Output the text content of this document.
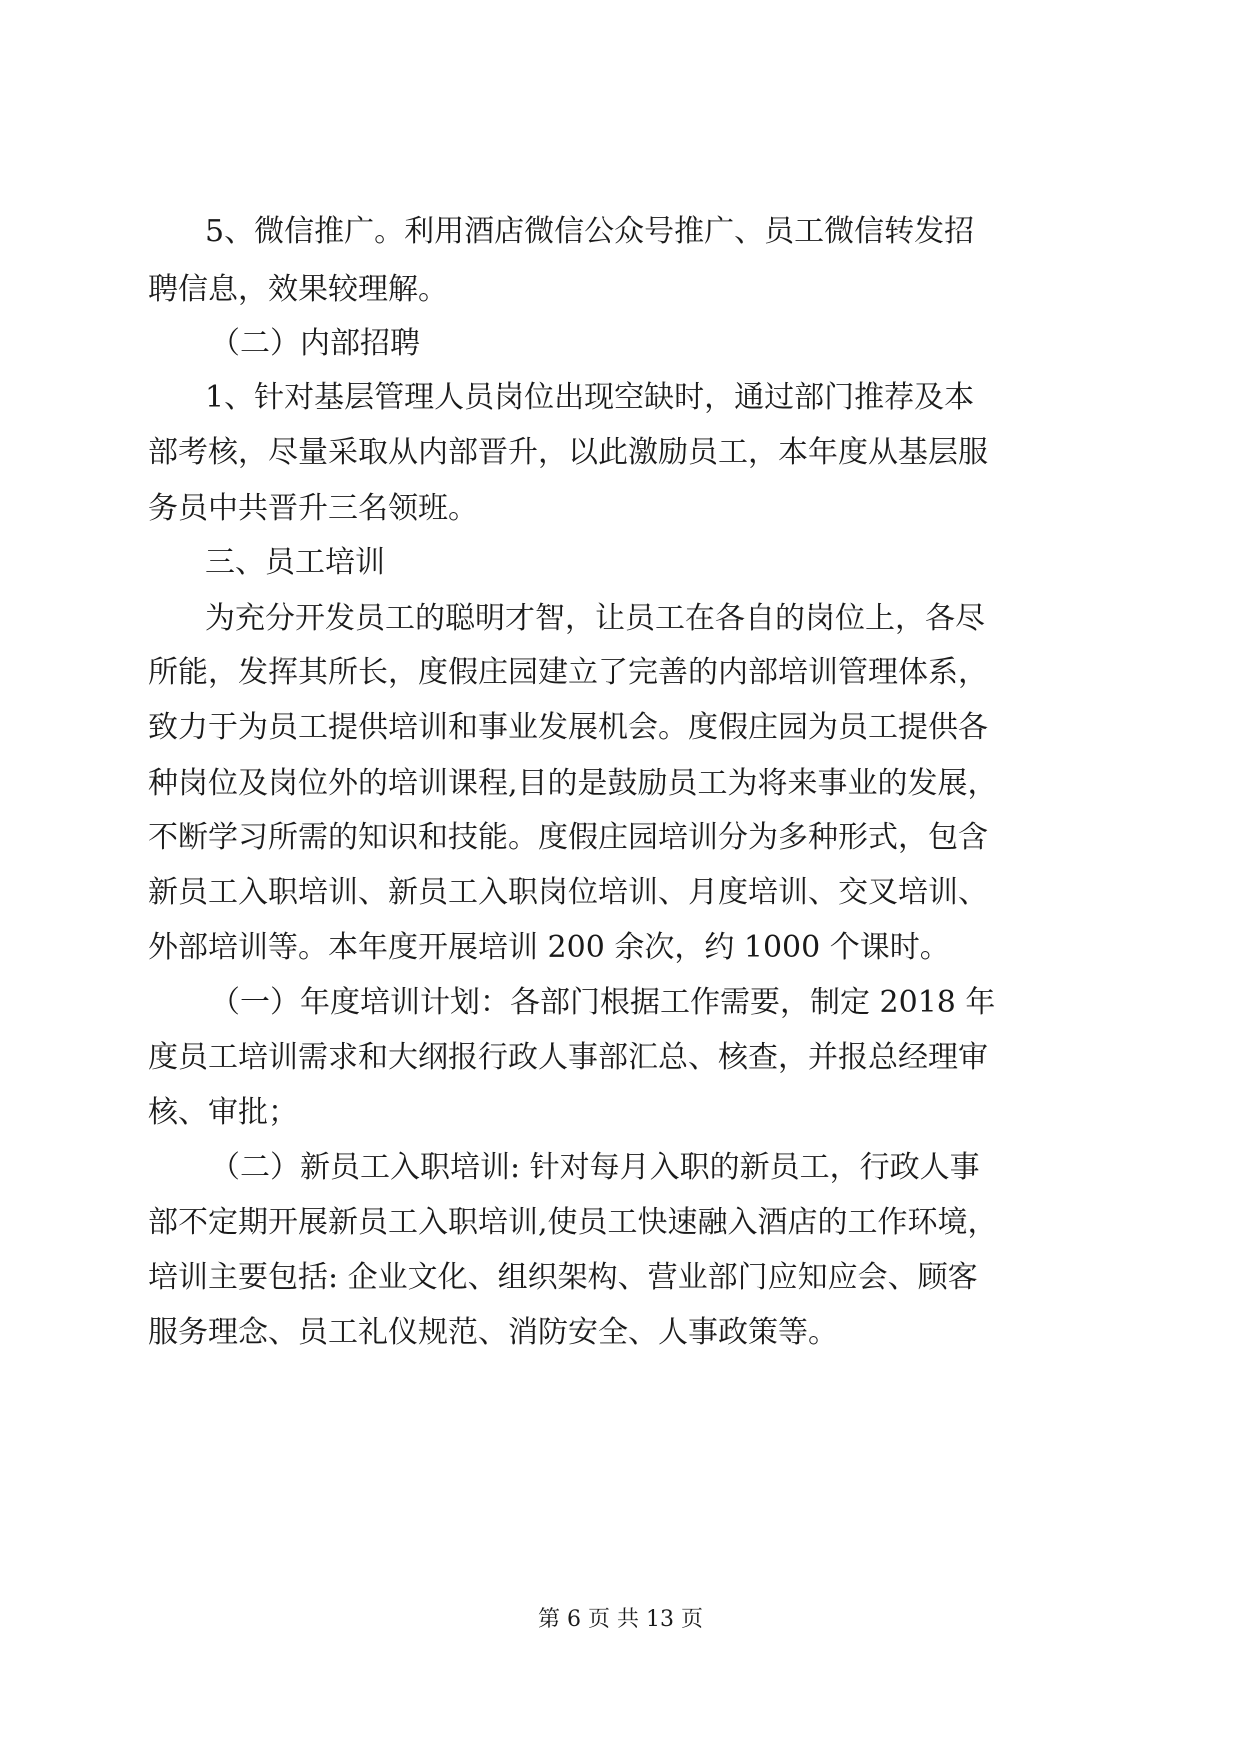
5、微信推广。利用酒店微信公众号推广、员工微信转发招
聘信息，效果较理解。
（二）内部招聘
1、针对基层管理人员岗位出现空缺时，通过部门推荐及本
部考核，尽量采取从内部晋升，以此激励员工，本年度从基层服
务员中共晋升三名领班。
三、员工培训
为充分开发员工的聪明才智，让员工在各自的岗位上，各尽
所能，发挥其所长，度假庄园建立了完善的内部培训管理体系，
致力于为员工提供培训和事业发展机会。度假庄园为员工提供各
种岗位及岗位外的培训课程,目的是鼓励员工为将来事业的发展，
不断学习所需的知识和技能。度假庄园培训分为多种形式，包含
新员工入职培训、新员工入职岗位培训、月度培训、交叉培训、
外部培训等。本年度开展培训 200 余次，约 1000 个课时。
（一）年度培训计划：各部门根据工作需要，制定 2018 年
度员工培训需求和大纲报行政人事部汇总、核查，并报总经理审
核、审批；
（二）新员工入职培训: 针对每月入职的新员工，行政人事
部不定期开展新员工入职培训,使员工快速融入酒店的工作环境，
培训主要包括: 企业文化、组织架构、营业部门应知应会、顾客
服务理念、员工礼仪规范、消防安全、人事政策等。
第 6 页 共 13 页
